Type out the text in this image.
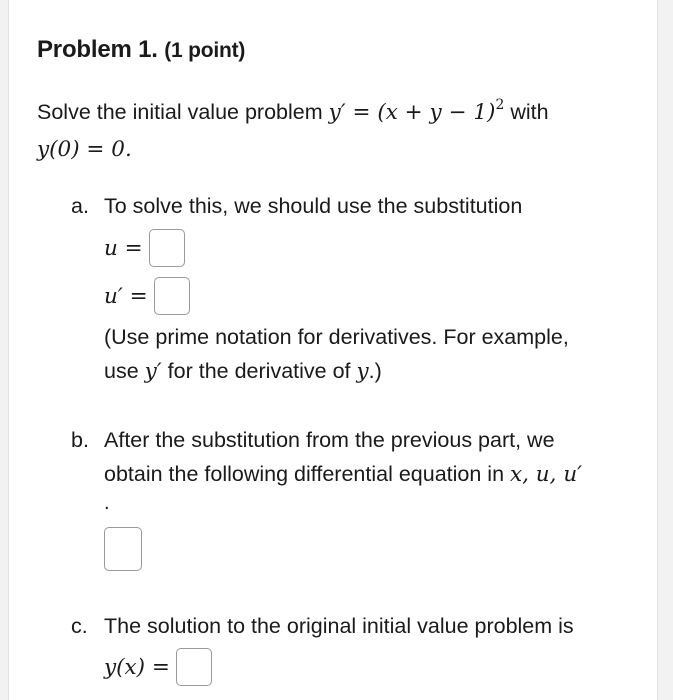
Problem 1. (1 point)
Solve the initial value problem $y' = (x + y - 1)^2$ with
y(0) = 0.
a. To solve this, we should use the substitution
u =
u′ =
(Use prime notation for derivatives. For example,
use y′ for the derivative of y.)
b. After the substitution from the previous part, we
obtain the following differential equation in x, u, u′
.
c. The solution to the original initial value problem is
y(x) =
